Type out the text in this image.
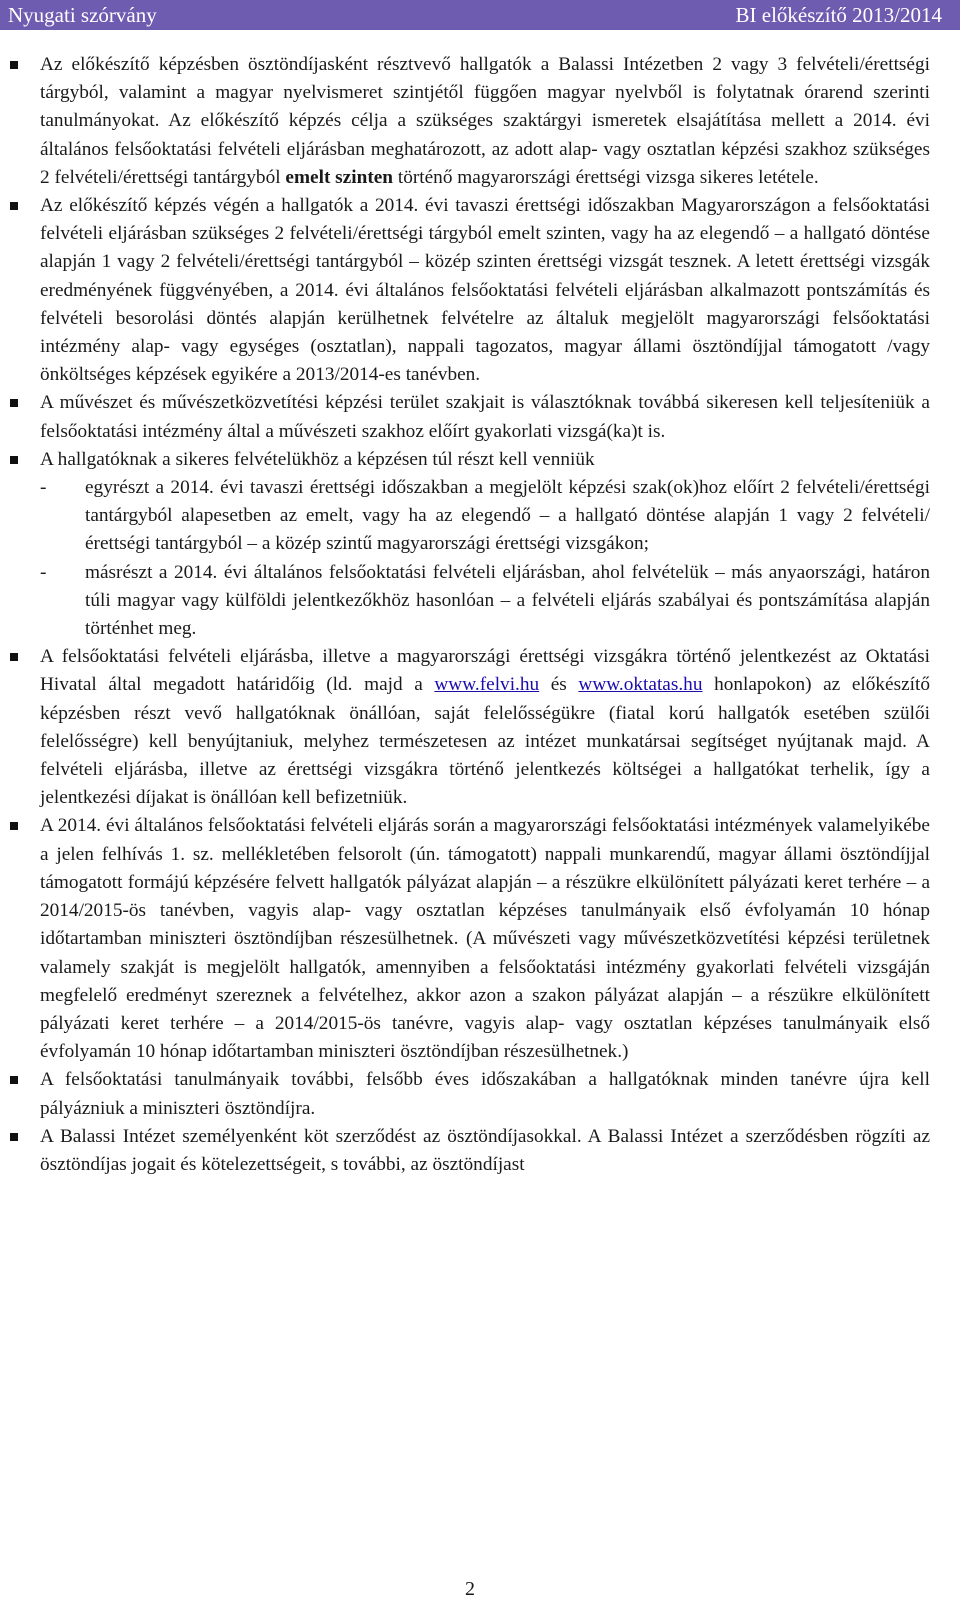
Nyugati szórvány	BI előkészítő 2013/2014
Az előkészítő képzésben ösztöndíjasként résztvevő hallgatók a Balassi Intézetben 2 vagy 3 felvételi/érettségi tárgyból, valamint a magyar nyelvismeret szintjétől függően magyar nyelvből is folytatnak órarend szerinti tanulmányokat. Az előkészítő képzés célja a szükséges szaktárgyi ismeretek elsajátítása mellett a 2014. évi általános felsőoktatási felvételi eljárásban meghatározott, az adott alap- vagy osztatlan képzési szakhoz szükséges 2 felvételi/érettségi tantárgyból emelt szinten történő magyarországi érettségi vizsga sikeres letétele.
Az előkészítő képzés végén a hallgatók a 2014. évi tavaszi érettségi időszakban Magyarországon a felsőoktatási felvételi eljárásban szükséges 2 felvételi/érettségi tárgyból emelt szinten, vagy ha az elegendő – a hallgató döntése alapján 1 vagy 2 felvételi/érettségi tantárgyból – közép szinten érettségi vizsgát tesznek. A letett érettségi vizsgák eredményének függvényében, a 2014. évi általános felsőoktatási felvételi eljárásban alkalmazott pontszámítás és felvételi besorolási döntés alapján kerülhetnek felvételre az általuk megjelölt magyarországi felsőoktatási intézmény alap- vagy egységes (osztatlan), nappali tagozatos, magyar állami ösztöndíjjal támogatott /vagy önköltséges képzések egyikére a 2013/2014-es tanévben.
A művészet és művészetközvetítési képzési terület szakjait is választóknak továbbá sikeresen kell teljesíteniük a felsőoktatási intézmény által a művészeti szakhoz előírt gyakorlati vizsgá(ka)t is.
A hallgatóknak a sikeres felvételükhöz a képzésen túl részt kell venniük
- egyrészt a 2014. évi tavaszi érettségi időszakban a megjelölt képzési szak(ok)hoz előírt 2 felvételi/érettségi tantárgyból alapesetben az emelt, vagy ha az elegendő – a hallgató döntése alapján 1 vagy 2 felvételi/érettségi tantárgyból – a közép szintű magyarországi érettségi vizsgákon;
- másrészt a 2014. évi általános felsőoktatási felvételi eljárásban, ahol felvételük – más anyaországi, határon túli magyar vagy külföldi jelentkezőkhöz hasonlóan – a felvételi eljárás szabályai és pontszámítása alapján történhet meg.
A felsőoktatási felvételi eljárásba, illetve a magyarországi érettségi vizsgákra történő jelentkezést az Oktatási Hivatal által megadott határidőig (ld. majd a www.felvi.hu és www.oktatas.hu honlapokon) az előkészítő képzésben részt vevő hallgatóknak önállóan, saját felelősségükre (fiatal korú hallgatók esetében szülői felelősségre) kell benyújtaniuk, melyhez természetesen az intézet munkatársai segítséget nyújtanak majd. A felvételi eljárásba, illetve az érettségi vizsgákra történő jelentkezés költségei a hallgatókat terhelik, így a jelentkezési díjakat is önállóan kell befizetniük.
A 2014. évi általános felsőoktatási felvételi eljárás során a magyarországi felsőoktatási intézmények valamelyikébe a jelen felhívás 1. sz. mellékletében felsorolt (ún. támogatott) nappali munkarendű, magyar állami ösztöndíjjal támogatott formájú képzésére felvett hallgatók pályázat alapján – a részükre elkülönített pályázati keret terhére – a 2014/2015-ös tanévben, vagyis alap- vagy osztatlan képzéses tanulmányaik első évfolyamán 10 hónap időtartamban miniszteri ösztöndíjban részesülhetnek. (A művészeti vagy művészetközvetítési képzési területnek valamely szakját is megjelölt hallgatók, amennyiben a felsőoktatási intézmény gyakorlati felvételi vizsgáján megfelelő eredményt szereznek a felvételhez, akkor azon a szakon pályázat alapján – a részükre elkülönített pályázati keret terhére – a 2014/2015-ös tanévre, vagyis alap- vagy osztatlan képzéses tanulmányaik első évfolyamán 10 hónap időtartamban miniszteri ösztöndíjban részesülhetnek.)
A felsőoktatási tanulmányaik további, felsőbb éves időszakában a hallgatóknak minden tanévre újra kell pályázniuk a miniszteri ösztöndíjra.
A Balassi Intézet személyenként köt szerződést az ösztöndíjasokkal. A Balassi Intézet a szerződésben rögzíti az ösztöndíjas jogait és kötelezettségeit, s további, az ösztöndíjast
2
